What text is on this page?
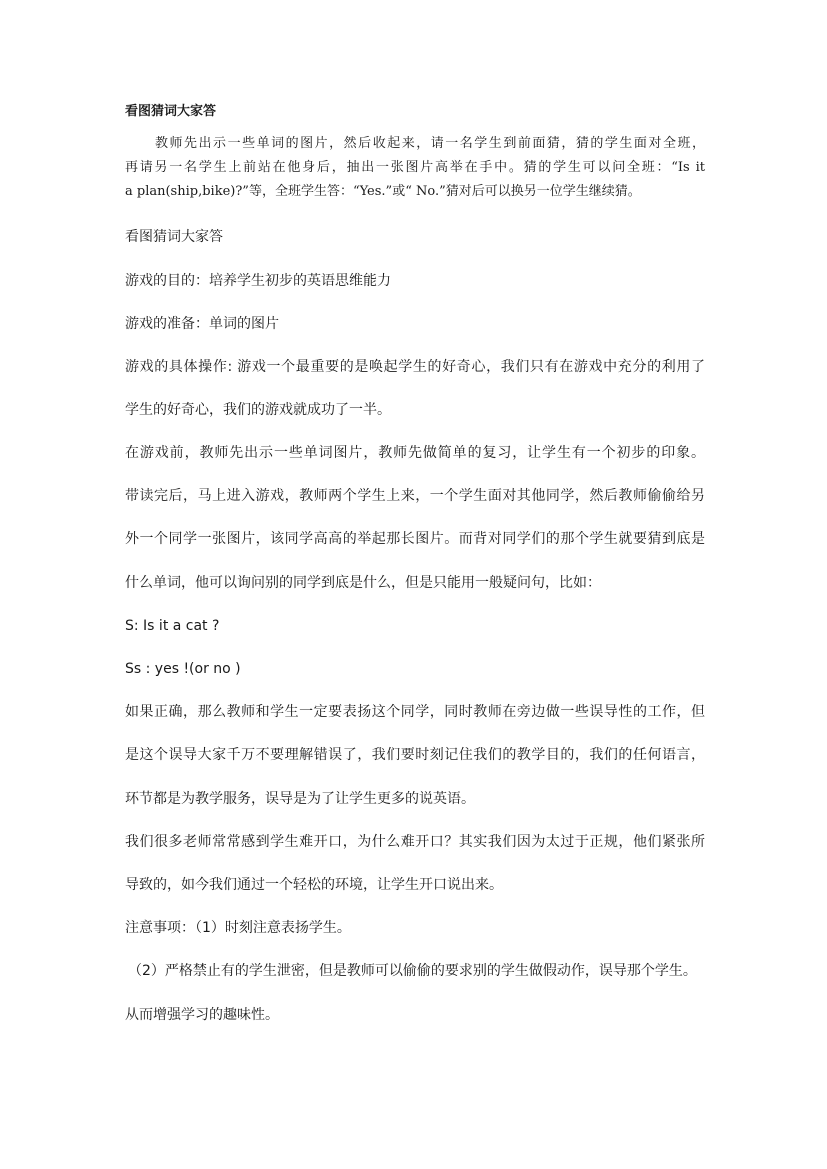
看图猜词大家答
教师先出示一些单词的图片，然后收起来，请一名学生到前面猜，猜的学生面对全班，
再请另一名学生上前站在他身后，抽出一张图片高举在手中。猜的学生可以问全班：“Is it
a plan(ship,bike)?”等，全班学生答：“Yes.”或“ No.”猜对后可以换另一位学生继续猜。
看图猜词大家答
游戏的目的：培养学生初步的英语思维能力
游戏的准备：单词的图片
游戏的具体操作: 游戏一个最重要的是唤起学生的好奇心，我们只有在游戏中充分的利用了
学生的好奇心，我们的游戏就成功了一半。
在游戏前，教师先出示一些单词图片，教师先做简单的复习，让学生有一个初步的印象。
带读完后，马上进入游戏，教师两个学生上来，一个学生面对其他同学，然后教师偷偷给另
外一个同学一张图片，该同学高高的举起那长图片。而背对同学们的那个学生就要猜到底是
什么单词，他可以询问别的同学到底是什么，但是只能用一般疑问句，比如：
S: Is it a cat ?
Ss : yes !(or no )
如果正确，那么教师和学生一定要表扬这个同学，同时教师在旁边做一些误导性的工作，但
是这个误导大家千万不要理解错误了，我们要时刻记住我们的教学目的，我们的任何语言，
环节都是为教学服务，误导是为了让学生更多的说英语。
我们很多老师常常感到学生难开口，为什么难开口？其实我们因为太过于正规，他们紧张所
导致的，如今我们通过一个轻松的环境，让学生开口说出来。
注意事项：（1）时刻注意表扬学生。
（2）严格禁止有的学生泄密，但是教师可以偷偷的要求别的学生做假动作，误导那个学生。
从而增强学习的趣味性。
